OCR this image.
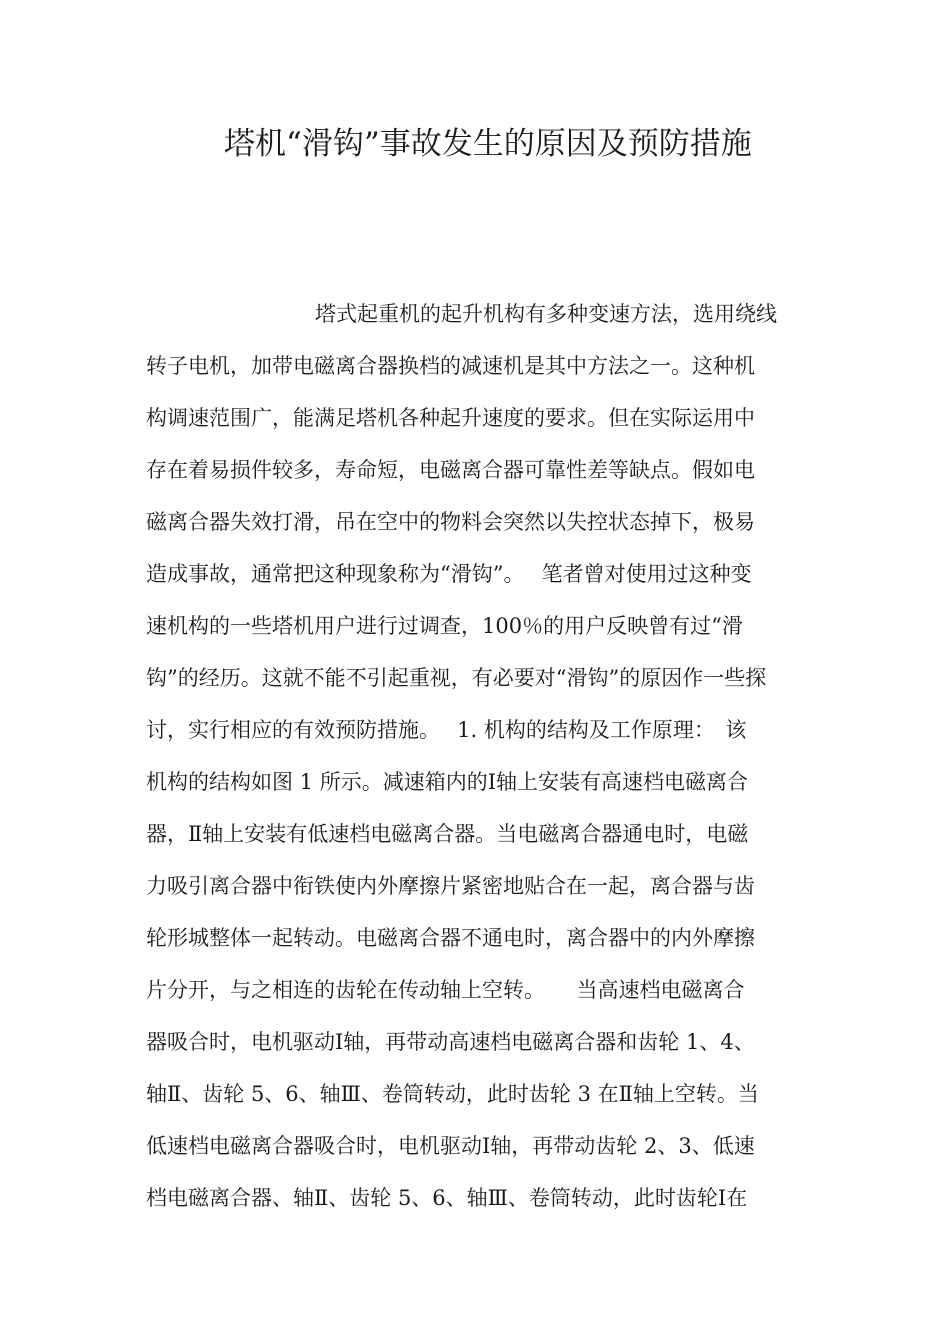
塔机“滑钩”事故发生的原因及预防措施
塔式起重机的起升机构有多种变速方法，选用绕线
转子电机，加带电磁离合器换档的减速机是其中方法之一。这种机
构调速范围广，能满足塔机各种起升速度的要求。但在实际运用中
存在着易损件较多，寿命短，电磁离合器可靠性差等缺点。假如电
磁离合器失效打滑，吊在空中的物料会突然以失控状态掉下，极易
造成事故，通常把这种现象称为“滑钩”。　 笔者曾对使用过这种变
速机构的一些塔机用户进行过调查，100％的用户反映曾有过“滑
钩”的经历。这就不能不引起重视，有必要对“滑钩”的原因作一些探
讨，实行相应的有效预防措施。　 1. 机构的结构及工作原理：　该
机构的结构如图 1 所示。减速箱内的Ⅰ轴上安装有高速档电磁离合
器，Ⅱ轴上安装有低速档电磁离合器。当电磁离合器通电时，电磁
力吸引离合器中衔铁使内外摩擦片紧密地贴合在一起，离合器与齿
轮形城整体一起转动。电磁离合器不通电时，离合器中的内外摩擦
片分开，与之相连的齿轮在传动轴上空转。　　当高速档电磁离合
器吸合时，电机驱动Ⅰ轴，再带动高速档电磁离合器和齿轮 1、4、
轴Ⅱ、齿轮 5、6、轴Ⅲ、卷筒转动，此时齿轮 3 在Ⅱ轴上空转。当
低速档电磁离合器吸合时，电机驱动Ⅰ轴，再带动齿轮 2、3、低速
档电磁离合器、轴Ⅱ、齿轮 5、6、轴Ⅲ、卷筒转动，此时齿轮Ⅰ在
